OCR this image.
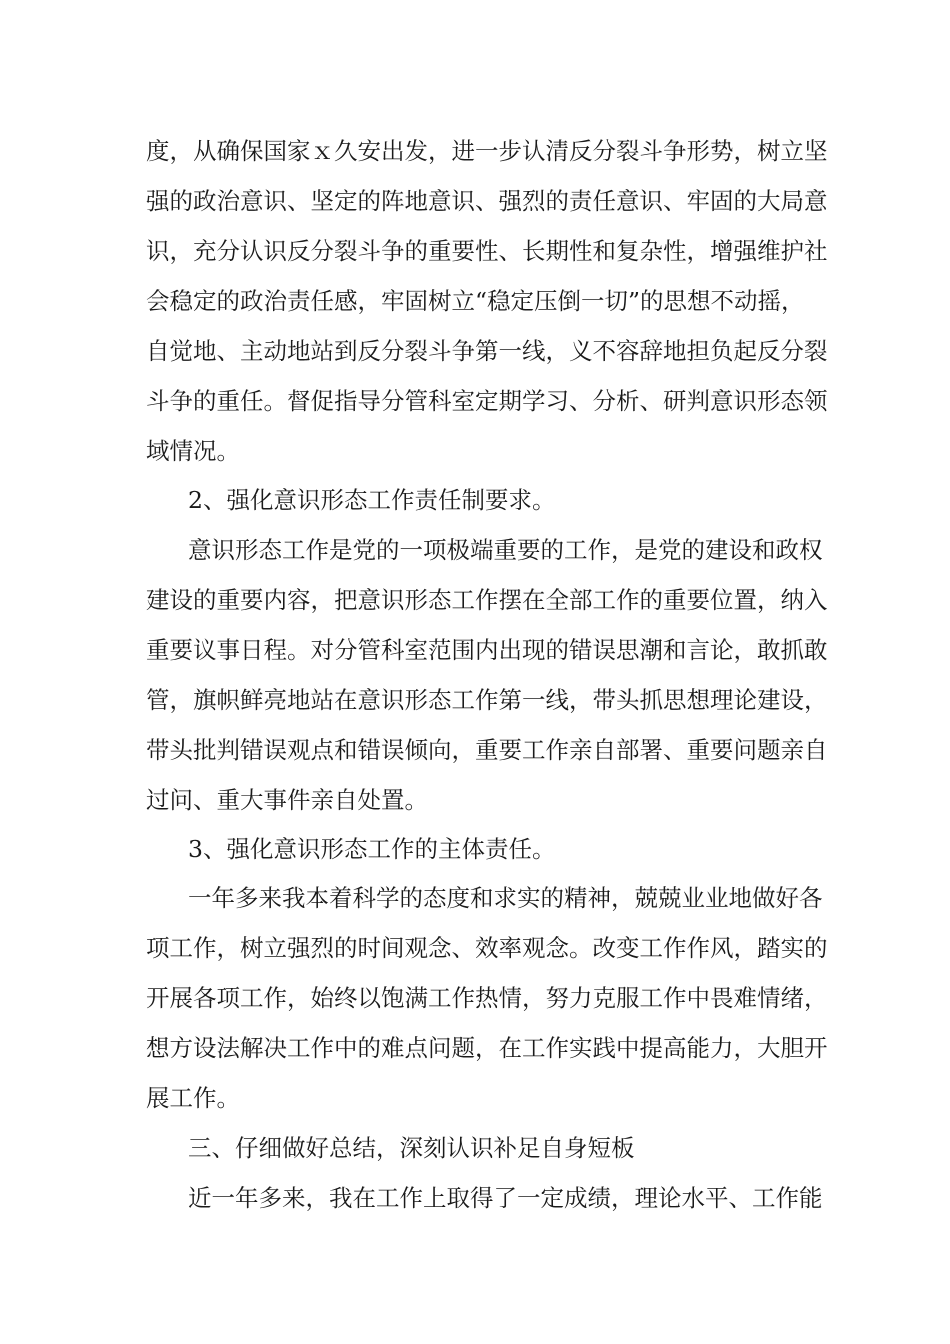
度，从确保国家ｘ久安出发，进一步认清反分裂斗争形势，树立坚
强的政治意识、坚定的阵地意识、强烈的责任意识、牢固的大局意
识，充分认识反分裂斗争的重要性、长期性和复杂性，增强维护社
会稳定的政治责任感，牢固树立“稳定压倒一切”的思想不动摇，
自觉地、主动地站到反分裂斗争第一线，义不容辞地担负起反分裂
斗争的重任。督促指导分管科室定期学习、分析、研判意识形态领
域情况。
2、强化意识形态工作责任制要求。
意识形态工作是党的一项极端重要的工作，是党的建设和政权
建设的重要内容，把意识形态工作摆在全部工作的重要位置，纳入
重要议事日程。对分管科室范围内出现的错误思潮和言论，敢抓敢
管，旗帜鲜亮地站在意识形态工作第一线，带头抓思想理论建设，
带头批判错误观点和错误倾向，重要工作亲自部署、重要问题亲自
过问、重大事件亲自处置。
3、强化意识形态工作的主体责任。
一年多来我本着科学的态度和求实的精神，兢兢业业地做好各
项工作，树立强烈的时间观念、效率观念。改变工作作风，踏实的
开展各项工作，始终以饱满工作热情，努力克服工作中畏难情绪，
想方设法解决工作中的难点问题，在工作实践中提高能力，大胆开
展工作。
三、仔细做好总结，深刻认识补足自身短板
近一年多来，我在工作上取得了一定成绩，理论水平、工作能
